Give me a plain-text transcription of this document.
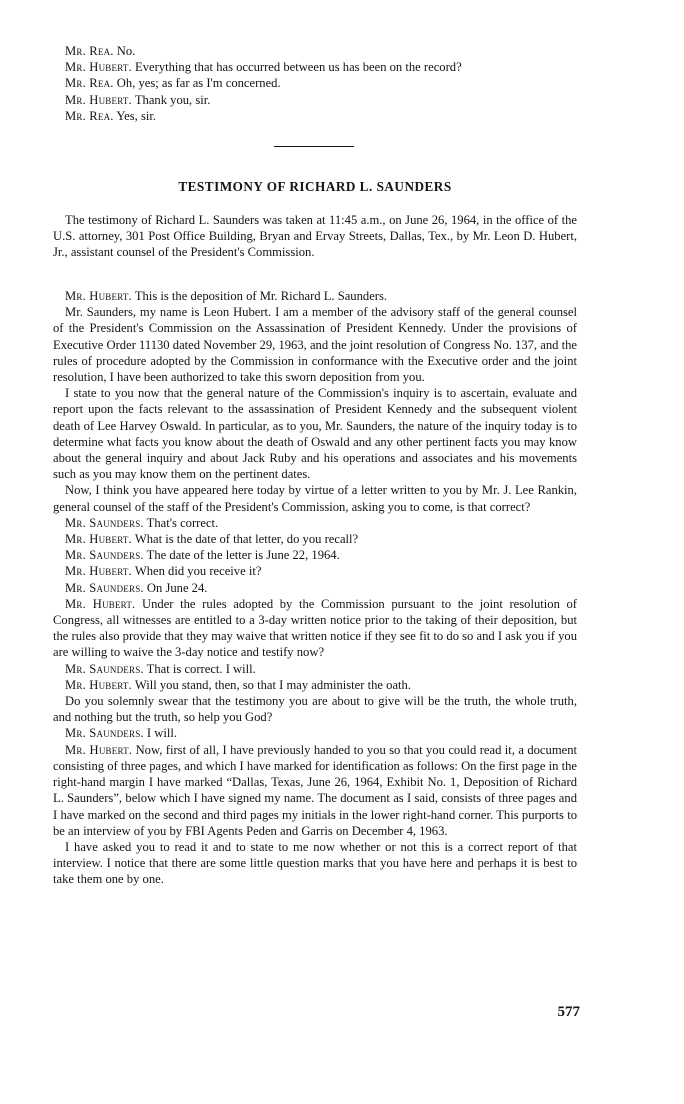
Mr. Rea. No.

Mr. Hubert. Everything that has occurred between us has been on the record?

Mr. Rea. Oh, yes; as far as I'm concerned.

Mr. Hubert. Thank you, sir.

Mr. Rea. Yes, sir.

TESTIMONY OF RICHARD L. SAUNDERS

The testimony of Richard L. Saunders was taken at 11:45 a.m., on June 26, 1964, in the office of the U.S. attorney, 301 Post Office Building, Bryan and Ervay Streets, Dallas, Tex., by Mr. Leon D. Hubert, Jr., assistant counsel of the President's Commission.

Mr. Hubert. This is the deposition of Mr. Richard L. Saunders.

Mr. Saunders, my name is Leon Hubert. I am a member of the advisory staff of the general counsel of the President's Commission on the Assassination of President Kennedy. Under the provisions of Executive Order 11130 dated November 29, 1963, and the joint resolution of Congress No. 137, and the rules of procedure adopted by the Commission in conformance with the Executive order and the joint resolution, I have been authorized to take this sworn deposition from you.

I state to you now that the general nature of the Commission's inquiry is to ascertain, evaluate and report upon the facts relevant to the assassination of President Kennedy and the subsequent violent death of Lee Harvey Oswald. In particular, as to you, Mr. Saunders, the nature of the inquiry today is to determine what facts you know about the death of Oswald and any other pertinent facts you may know about the general inquiry and about Jack Ruby and his operations and associates and his movements such as you may know them on the pertinent dates.

Now, I think you have appeared here today by virtue of a letter written to you by Mr. J. Lee Rankin, general counsel of the staff of the President's Commission, asking you to come, is that correct?

Mr. Saunders. That's correct.

Mr. Hubert. What is the date of that letter, do you recall?

Mr. Saunders. The date of the letter is June 22, 1964.

Mr. Hubert. When did you receive it?

Mr. Saunders. On June 24.

Mr. Hubert. Under the rules adopted by the Commission pursuant to the joint resolution of Congress, all witnesses are entitled to a 3-day written notice prior to the taking of their deposition, but the rules also provide that they may waive that written notice if they see fit to do so and I ask you if you are willing to waive the 3-day notice and testify now?

Mr. Saunders. That is correct. I will.

Mr. Hubert. Will you stand, then, so that I may administer the oath.

Do you solemnly swear that the testimony you are about to give will be the truth, the whole truth, and nothing but the truth, so help you God?

Mr. Saunders. I will.

Mr. Hubert. Now, first of all, I have previously handed to you so that you could read it, a document consisting of three pages, and which I have marked for identification as follows: On the first page in the right-hand margin I have marked “Dallas, Texas, June 26, 1964, Exhibit No. 1, Deposition of Richard L. Saunders”, below which I have signed my name. The document as I said, consists of three pages and I have marked on the second and third pages my initials in the lower right-hand corner. This purports to be an interview of you by FBI Agents Peden and Garris on December 4, 1963.

I have asked you to read it and to state to me now whether or not this is a correct report of that interview. I notice that there are some little question marks that you have here and perhaps it is best to take them one by one.

577
